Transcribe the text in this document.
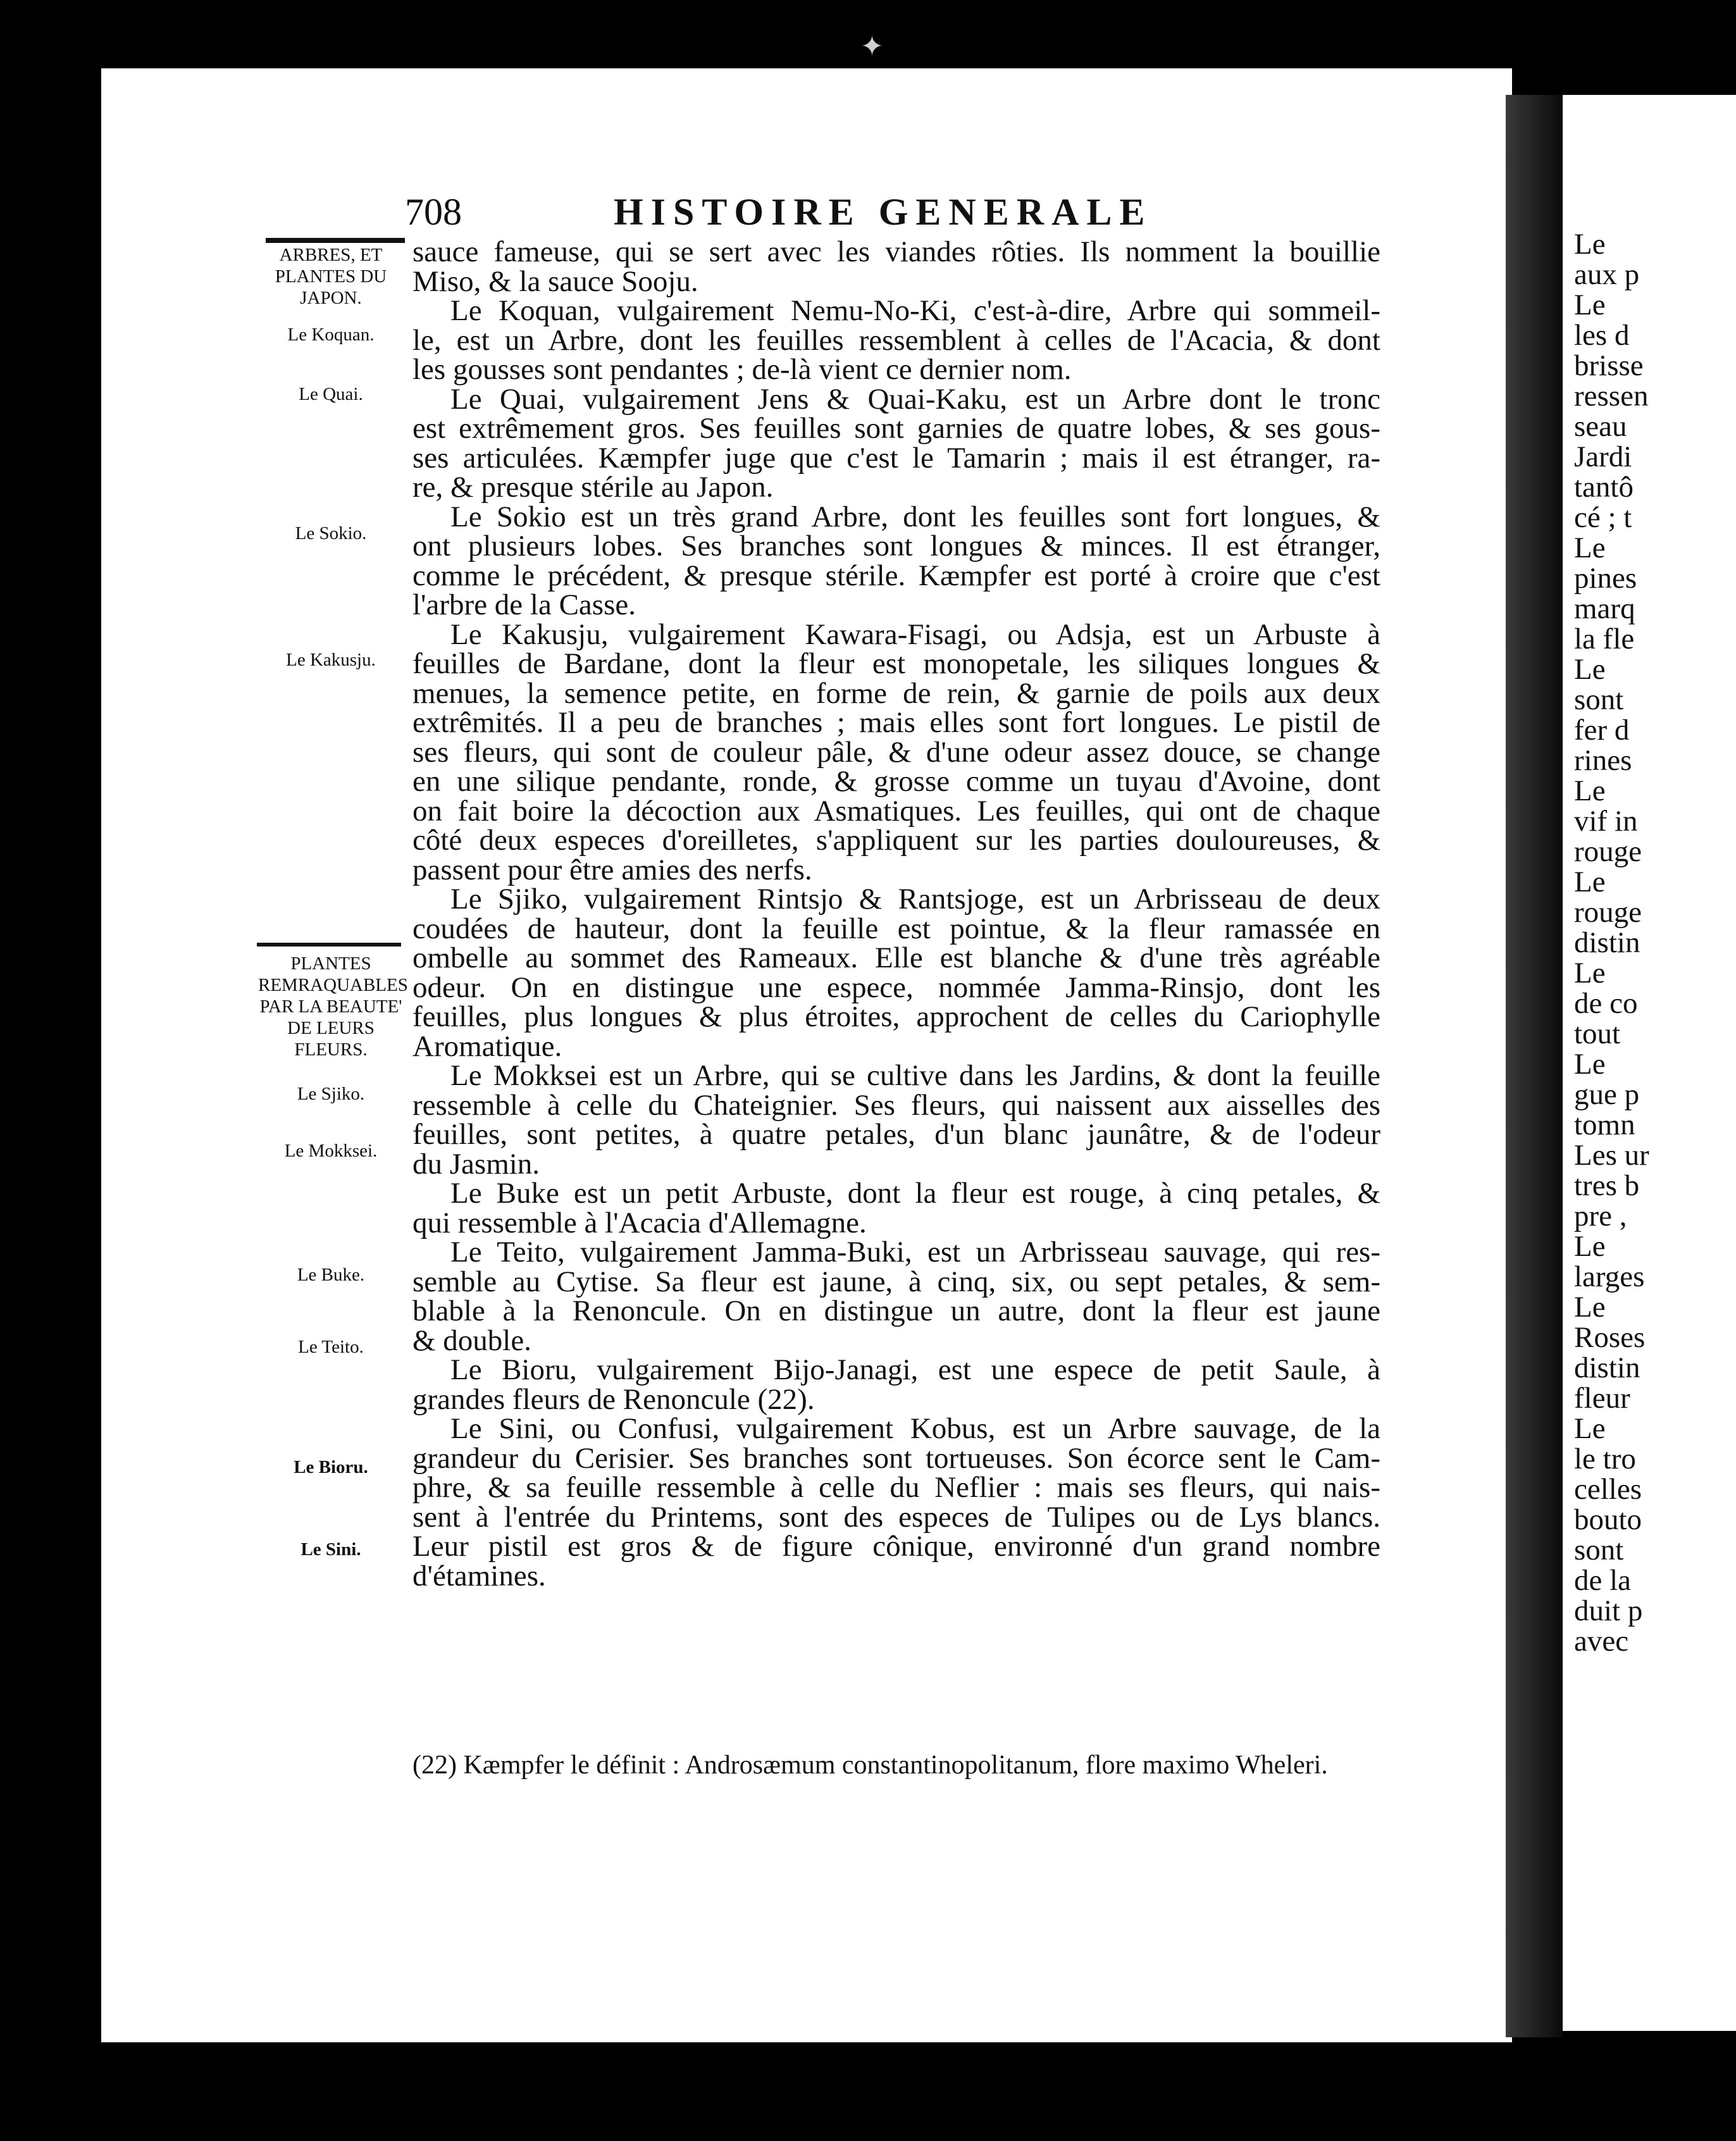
Le
aux p
Le
les d
brisse
ressen
seau
Jardi
tantô
cé ; t
Le
pines
marq
la fle
Le
sont
fer d
rines
Le
vif in
rouge
Le
rouge
distin
Le
de co
tout
Le
gue p
tomn
Les ur
tres b
pre ,
Le
larges
Le
Roses
distin
fleur
Le
le tro
celles
bouto
sont
de la
duit p
avec
✦
708	HISTOIRE GENERALE
ARBRES, ET PLANTES DU JAPON.
Le Koquan.
Le Quai.
Le Sokio.
Le Kakusju.
PLANTES REMRAQUABLES PAR LA BEAUTE' DE LEURS FLEURS.
Le Sjiko.
Le Mokksei.
Le Buke.
Le Teito.
Le Bioru.
Le Sini.
sauce fameuse, qui se sert avec les viandes rôties. Ils nomment la bouillie
Miso, & la sauce Sooju.
Le Koquan, vulgairement Nemu-No-Ki, c'est-à-dire, Arbre qui sommeil-
le, est un Arbre, dont les feuilles ressemblent à celles de l'Acacia, & dont
les gousses sont pendantes ; de-là vient ce dernier nom.
Le Quai, vulgairement Jens & Quai-Kaku, est un Arbre dont le tronc
est extrêmement gros. Ses feuilles sont garnies de quatre lobes, & ses gous-
ses articulées. Kæmpfer juge que c'est le Tamarin ; mais il est étranger, ra-
re, & presque stérile au Japon.
Le Sokio est un très grand Arbre, dont les feuilles sont fort longues, &
ont plusieurs lobes. Ses branches sont longues & minces. Il est étranger,
comme le précédent, & presque stérile. Kæmpfer est porté à croire que c'est
l'arbre de la Casse.
Le Kakusju, vulgairement Kawara-Fisagi, ou Adsja, est un Arbuste à
feuilles de Bardane, dont la fleur est monopetale, les siliques longues &
menues, la semence petite, en forme de rein, & garnie de poils aux deux
extrêmités. Il a peu de branches ; mais elles sont fort longues. Le pistil de
ses fleurs, qui sont de couleur pâle, & d'une odeur assez douce, se change
en une silique pendante, ronde, & grosse comme un tuyau d'Avoine, dont
on fait boire la décoction aux Asmatiques. Les feuilles, qui ont de chaque
côté deux especes d'oreilletes, s'appliquent sur les parties douloureuses, &
passent pour être amies des nerfs.
Le Sjiko, vulgairement Rintsjo & Rantsjoge, est un Arbrisseau de deux
coudées de hauteur, dont la feuille est pointue, & la fleur ramassée en
ombelle au sommet des Rameaux. Elle est blanche & d'une très agréable
odeur. On en distingue une espece, nommée Jamma-Rinsjo, dont les
feuilles, plus longues & plus étroites, approchent de celles du Cariophylle
Aromatique.
Le Mokksei est un Arbre, qui se cultive dans les Jardins, & dont la feuille
ressemble à celle du Chateignier. Ses fleurs, qui naissent aux aisselles des
feuilles, sont petites, à quatre petales, d'un blanc jaunâtre, & de l'odeur
du Jasmin.
Le Buke est un petit Arbuste, dont la fleur est rouge, à cinq petales, &
qui ressemble à l'Acacia d'Allemagne.
Le Teito, vulgairement Jamma-Buki, est un Arbrisseau sauvage, qui res-
semble au Cytise. Sa fleur est jaune, à cinq, six, ou sept petales, & sem-
blable à la Renoncule. On en distingue un autre, dont la fleur est jaune
& double.
Le Bioru, vulgairement Bijo-Janagi, est une espece de petit Saule, à
grandes fleurs de Renoncule (22).
Le Sini, ou Confusi, vulgairement Kobus, est un Arbre sauvage, de la
grandeur du Cerisier. Ses branches sont tortueuses. Son écorce sent le Cam-
phre, & sa feuille ressemble à celle du Neflier : mais ses fleurs, qui nais-
sent à l'entrée du Printems, sont des especes de Tulipes ou de Lys blancs.
Leur pistil est gros & de figure cônique, environné d'un grand nombre
d'étamines.
(22) Kæmpfer le définit : Androsæmum constantinopolitanum, flore maximo Wheleri.
